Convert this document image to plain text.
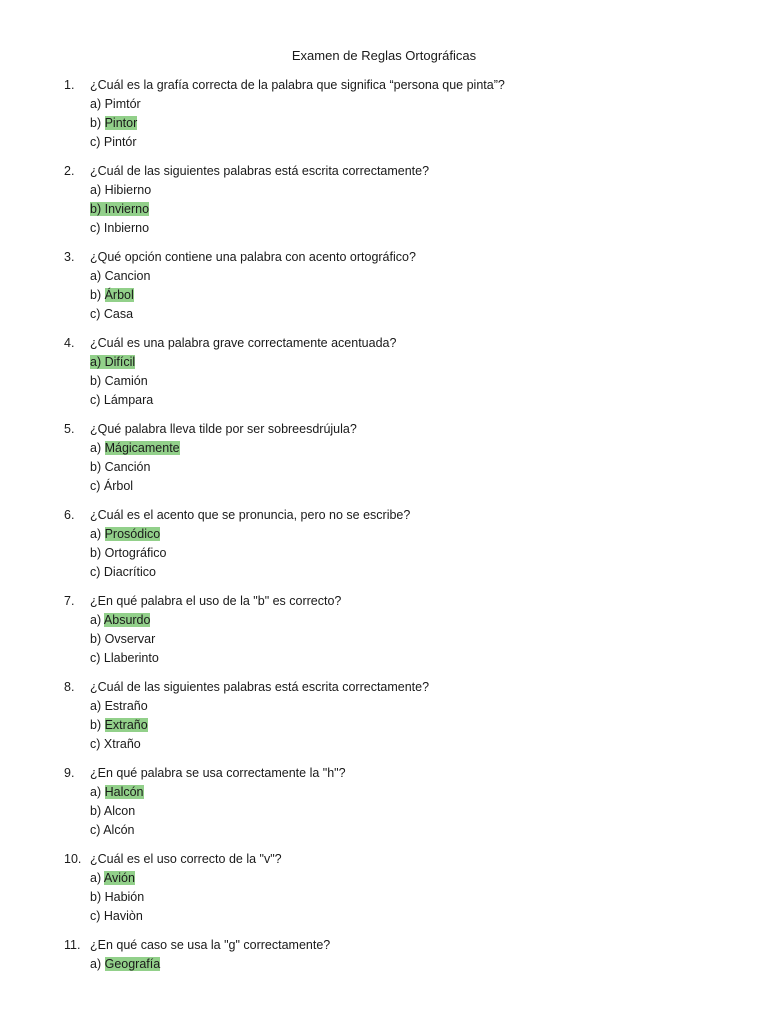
Examen de Reglas Ortográficas
1.	¿Cuál es la grafía correcta de la palabra que significa “persona que pinta”?
a) Pimtór
b) Pintor
c) Pintór
2.	¿Cuál de las siguientes palabras está escrita correctamente?
a) Hibierno
b) Invierno
c) Inbierno
3.	¿Qué opción contiene una palabra con acento ortográfico?
a) Cancion
b) Árbol
c) Casa
4.	¿Cuál es una palabra grave correctamente acentuada?
a) Difícil
b) Camión
c) Lámpara
5.	¿Qué palabra lleva tilde por ser sobreesdrújula?
a) Mágicamente
b) Canción
c) Árbol
6.	¿Cuál es el acento que se pronuncia, pero no se escribe?
a) Prosódico
b) Ortográfico
c) Diacrítico
7.	¿En qué palabra el uso de la "b" es correcto?
a) Absurdo
b) Ovservar
c) Llaberinto
8.	¿Cuál de las siguientes palabras está escrita correctamente?
a) Estraño
b) Extraño
c) Xtraño
9.	¿En qué palabra se usa correctamente la "h"?
a) Halcón
b) Alcon
c) Alcón
10. ¿Cuál es el uso correcto de la "v"?
a) Avión
b) Habión
c) Haviòn
11. ¿En qué caso se usa la "g" correctamente?
a) Geografía
